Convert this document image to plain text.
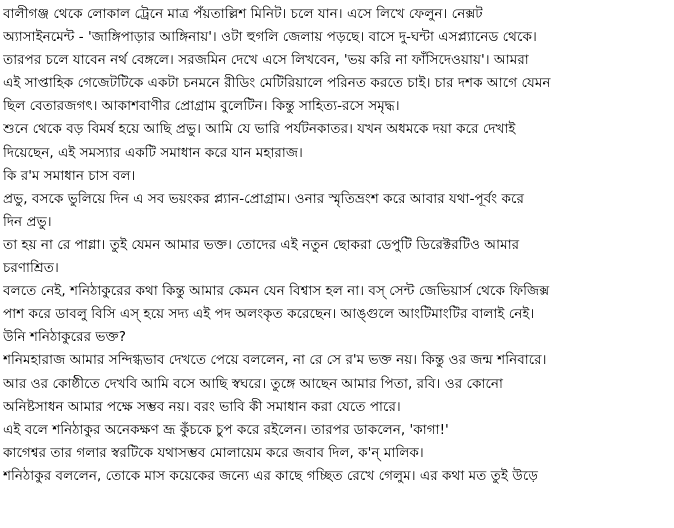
বালীগঞ্জ থেকে লোকাল ট্রেনে মাত্র পঁয়তাল্লিশ মিনিট। চলে যান। এসে লিখে ফেলুন। নেক্সট
অ্যাসাইনমেন্ট - 'জাঙ্গিপাড়ার আঙ্গিনায়'। ওটা হুগলি জেলায় পড়ছে। বাসে দু-ঘন্টা এসপ্ল্যানেড থেকে।
তারপর চলে যাবেন নর্থ বেঙ্গলে। সরজমিন দেখে এসে লিখবেন, 'ভয় করি না ফাঁসিদেওয়ায়'। আমরা
এই সাপ্তাহিক গেজেটটিকে একটা চনমনে রীডিং মেটিরিয়ালে পরিনত করতে চাই। চার দশক আগে যেমন
ছিল বেতারজগৎ। আকাশবাণীর প্রোগ্রাম বুলেটিন। কিন্তু সাহিত্য-রসে সমৃদ্ধ।
শুনে থেকে বড় বিমর্ষ হয়ে আছি প্রভু। আমি যে ভারি পর্যটনকাতর। যখন অধমকে দয়া করে দেখাই
দিয়েছেন, এই সমস্যার একটি সমাধান করে যান মহারাজ।
কি র'ম সমাধান চাস বল।
প্রভু, বসকে ভুলিয়ে দিন এ সব ভয়ংকর প্ল্যান-প্রোগ্রাম। ওনার স্মৃতিভ্রংশ করে আবার যথা-পূর্বং করে
দিন প্রভু।
তা হয় না রে পাগ্লা। তুই যেমন আমার ভক্ত। তোদের এই নতুন ছোকরা ডেপুটি ডিরেক্টরটিও আমার
চরণাশ্রিত।
বলতে নেই, শনিঠাকুরের কথা কিন্তু আমার কেমন যেন বিশ্বাস হল না। বস্ সেন্ট জেভিয়ার্স থেকে ফিজিক্স
পাশ করে ডাবলু বিসি এস্ হয়ে সদ্য এই পদ অলংকৃত করেছেন। আঙ্গুলে আংটিমাংটির বালাই নেই।
উনি শনিঠাকুরের ভক্ত?
শনিমহারাজ আমার সন্দিগ্ধভাব দেখতে পেয়ে বললেন, না রে সে র'ম ভক্ত নয়। কিন্তু ওর জন্ম শনিবারে।
আর ওর কোষ্ঠীতে দেখবি আমি বসে আছি স্বঘরে। তুঙ্গে আছেন আমার পিতা, রবি। ওর কোনো
অনিষ্টসাধন আমার পক্ষে সম্ভব নয়। বরং ভাবি কী সমাধান করা যেতে পারে।
এই বলে শনিঠাকুর অনেকক্ষণ ভ্রূ কুঁচকে চুপ করে রইলেন। তারপর ডাকলেন, 'কাগা!'
কাগেশ্বর তার গলার স্বরটিকে যথাসম্ভব মোলায়েম করে জবাব দিল, ক'ন্ মালিক।
শনিঠাকুর বললেন, তোকে মাস কয়েকের জন্যে এর কাছে গচ্ছিত রেখে গেলুম। এর কথা মত তুই উড়ে
